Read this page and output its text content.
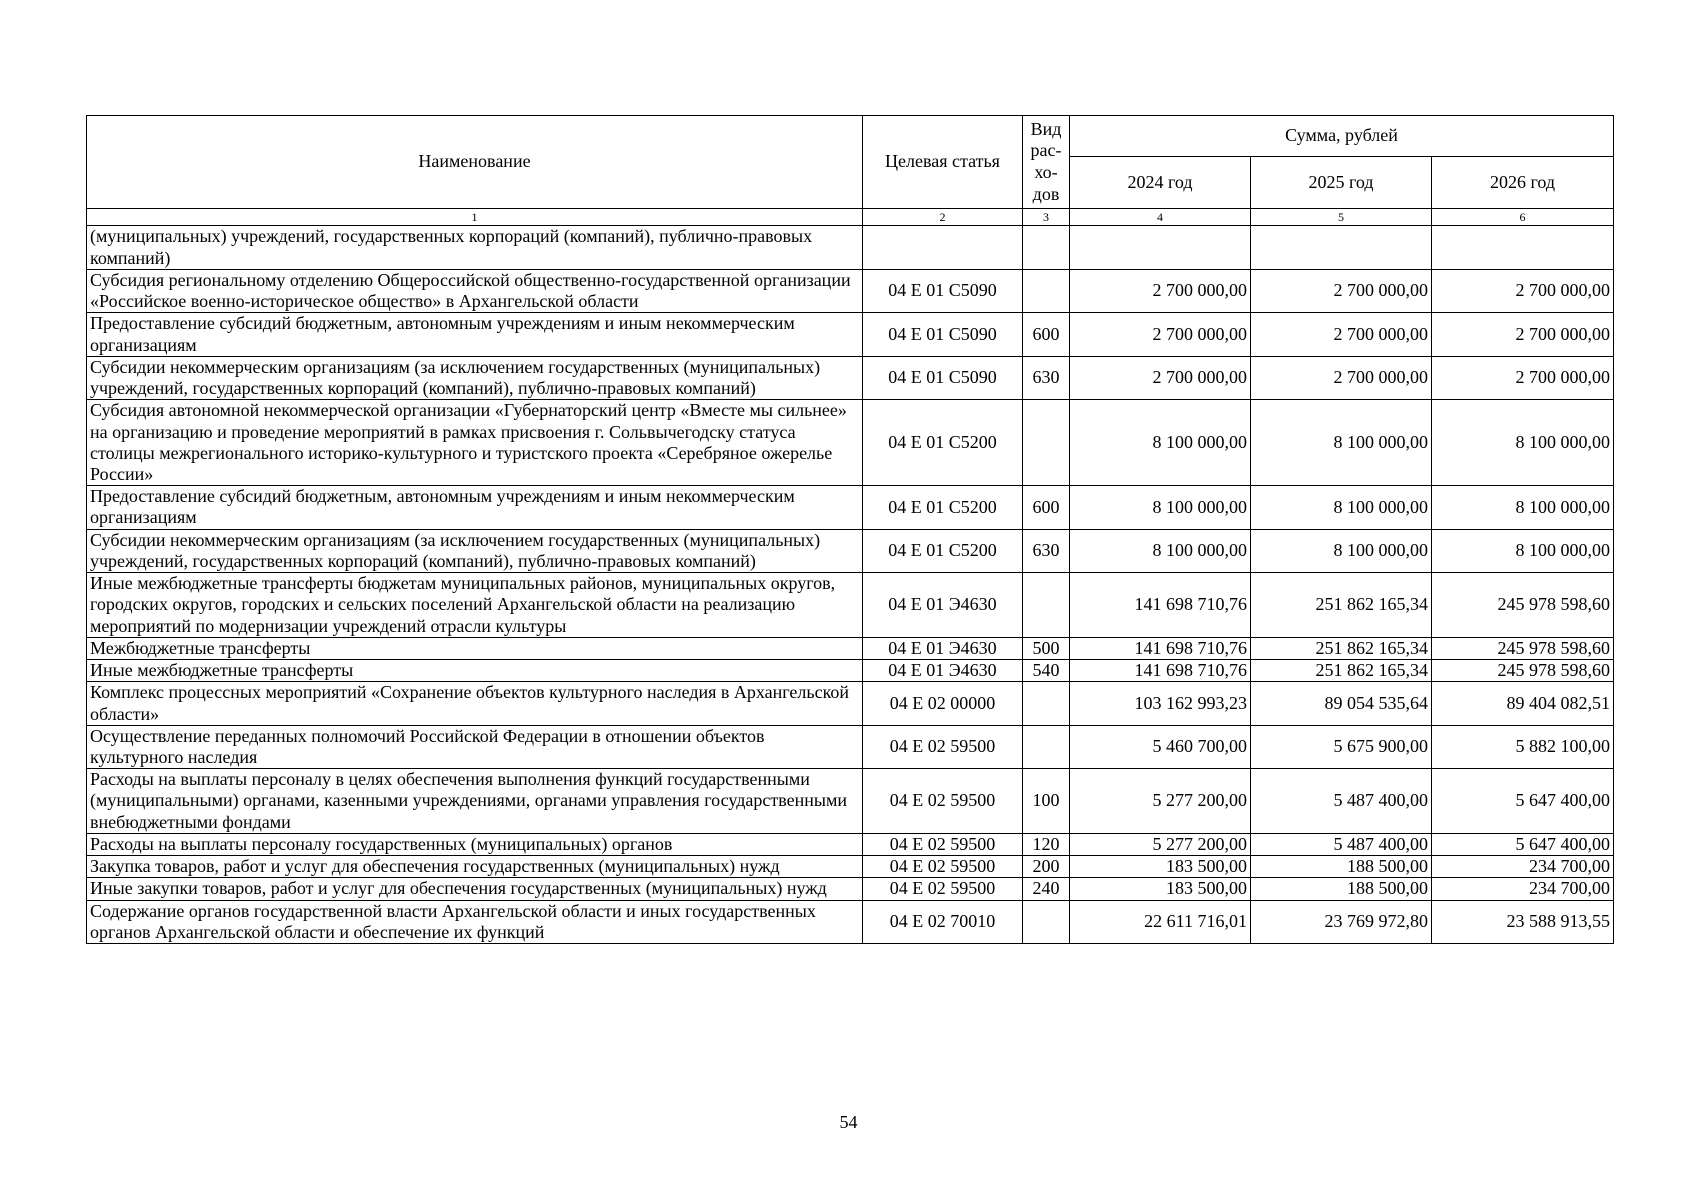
Наименование	Целевая статья	Вид
рас-
хо-
дов	Сумма, рублей		
			2024 год	2025 год	2026 год
1	2	3	4	5	6
(муниципальных) учреждений, государственных корпораций (компаний), публично-правовых компаний)					
Субсидия региональному отделению Общероссийской общественно-государственной организации «Российское военно-историческое общество» в Архангельской области	04 Е 01 С5090		2 700 000,00	2 700 000,00	2 700 000,00
Предоставление субсидий бюджетным, автономным учреждениям и иным некоммерческим организациям	04 Е 01 С5090	600	2 700 000,00	2 700 000,00	2 700 000,00
Субсидии некоммерческим организациям (за исключением государственных (муниципальных) учреждений, государственных корпораций (компаний), публично-правовых компаний)	04 Е 01 С5090	630	2 700 000,00	2 700 000,00	2 700 000,00
Субсидия автономной некоммерческой организации «Губернаторский центр «Вместе мы сильнее» на организацию и проведение мероприятий в рамках присвоения г. Сольвычегодску статуса столицы межрегионального историко-культурного и туристского проекта «Серебряное ожерелье России»	04 Е 01 С5200		8 100 000,00	8 100 000,00	8 100 000,00
Предоставление субсидий бюджетным, автономным учреждениям и иным некоммерческим организациям	04 Е 01 С5200	600	8 100 000,00	8 100 000,00	8 100 000,00
Субсидии некоммерческим организациям (за исключением государственных (муниципальных) учреждений, государственных корпораций (компаний), публично-правовых компаний)	04 Е 01 С5200	630	8 100 000,00	8 100 000,00	8 100 000,00
Иные межбюджетные трансферты бюджетам муниципальных районов, муниципальных округов, городских округов, городских и сельских поселений Архангельской области на реализацию мероприятий по модернизации учреждений отрасли культуры	04 Е 01 Э4630		141 698 710,76	251 862 165,34	245 978 598,60
Межбюджетные трансферты	04 Е 01 Э4630	500	141 698 710,76	251 862 165,34	245 978 598,60
Иные межбюджетные трансферты	04 Е 01 Э4630	540	141 698 710,76	251 862 165,34	245 978 598,60
Комплекс процессных мероприятий «Сохранение объектов культурного наследия в Архангельской области»	04 Е 02 00000		103 162 993,23	89 054 535,64	89 404 082,51
Осуществление переданных полномочий Российской Федерации в отношении объектов культурного наследия	04 Е 02 59500		5 460 700,00	5 675 900,00	5 882 100,00
Расходы на выплаты персоналу в целях обеспечения выполнения функций государственными (муниципальными) органами, казенными учреждениями, органами управления государственными внебюджетными фондами	04 Е 02 59500	100	5 277 200,00	5 487 400,00	5 647 400,00
Расходы на выплаты персоналу государственных (муниципальных) органов	04 Е 02 59500	120	5 277 200,00	5 487 400,00	5 647 400,00
Закупка товаров, работ и услуг для обеспечения государственных (муниципальных) нужд	04 Е 02 59500	200	183 500,00	188 500,00	234 700,00
Иные закупки товаров, работ и услуг для обеспечения государственных (муниципальных) нужд	04 Е 02 59500	240	183 500,00	188 500,00	234 700,00
Содержание органов государственной власти Архангельской области и иных государственных органов Архангельской области и обеспечение их функций	04 Е 02 70010		22 611 716,01	23 769 972,80	23 588 913,55
54
